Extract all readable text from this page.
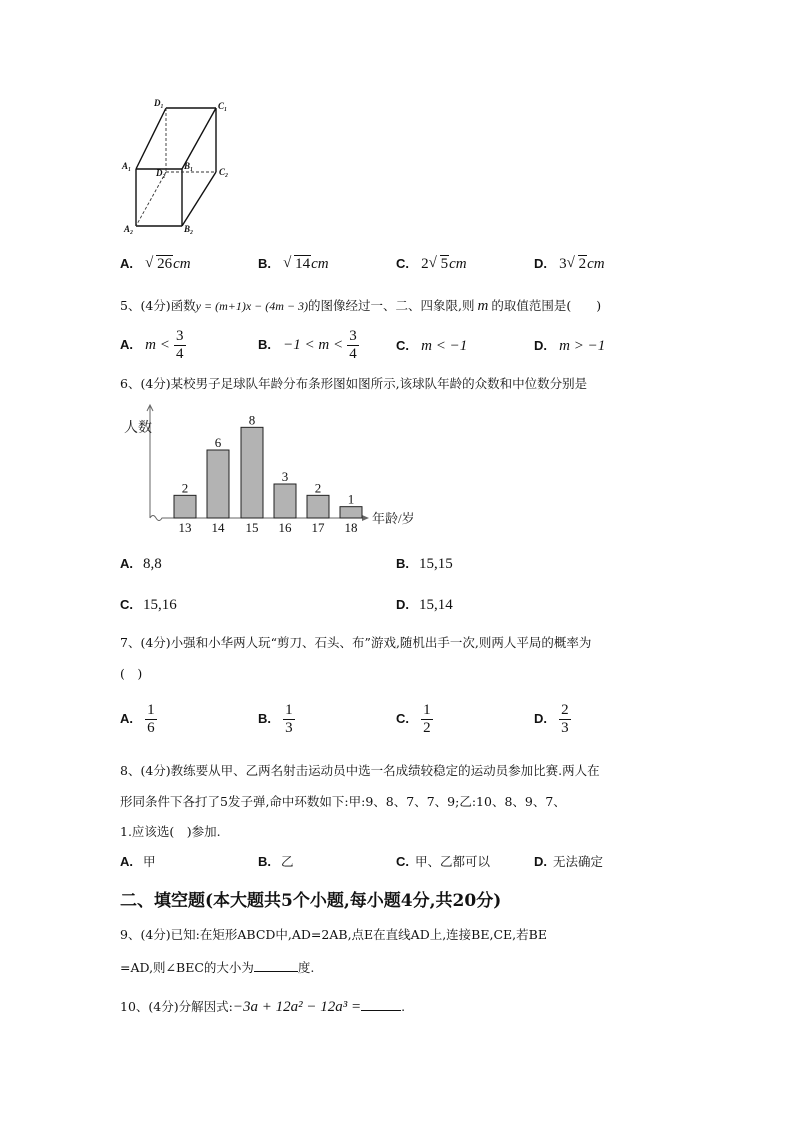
D₁	C₁
A₁
D₂
B₁
C₂
A₂	B₂
A. √ 26cm	B. √ 14cm	C. 2 √ 5cm	D. 3 √ 2cm
5、(4分)函数y = (m+1)x − (4m − 3)的图像经过一、二、四象限,则 m 的取值范围是(　　)
A. $m < \frac{3}{4}$	B. $-1 < m < \frac{3}{4}$	C. m < −1	D. m > −1
6、(4分)某校男子足球队年龄分布条形图如图所示,该球队年龄的众数和中位数分别是
人数
年龄/岁
2
13
6
14
8
15
3
16
2
17
1
18
A. 8,8	B. 15,15
C. 15,16	D. 15,14
7、(4分)小强和小华两人玩“剪刀、石头、布”游戏,随机出手一次,则两人平局的概率为
(　)
A. $\frac{1}{6}$	B. $\frac{1}{3}$	C. $\frac{1}{2}$	D. $\frac{2}{3}$
8、(4分)教练要从甲、乙两名射击运动员中选一名成绩较稳定的运动员参加比赛.两人在
形同条件下各打了5发子弹,命中环数如下:甲:9、8、7、7、9;乙:10、8、9、7、
1.应该选(　)参加.
A. 甲	B. 乙	C. 甲、乙都可以	D. 无法确定
二、填空题(本大题共5个小题,每小题4分,共20分)
9、(4分)已知:在矩形ABCD中,AD=2AB,点E在直线AD上,连接BE,CE,若BE
=AD,则∠BEC的大小为	度.
10、(4分)分解因式:−3a + 12a² − 12a³ =	.
